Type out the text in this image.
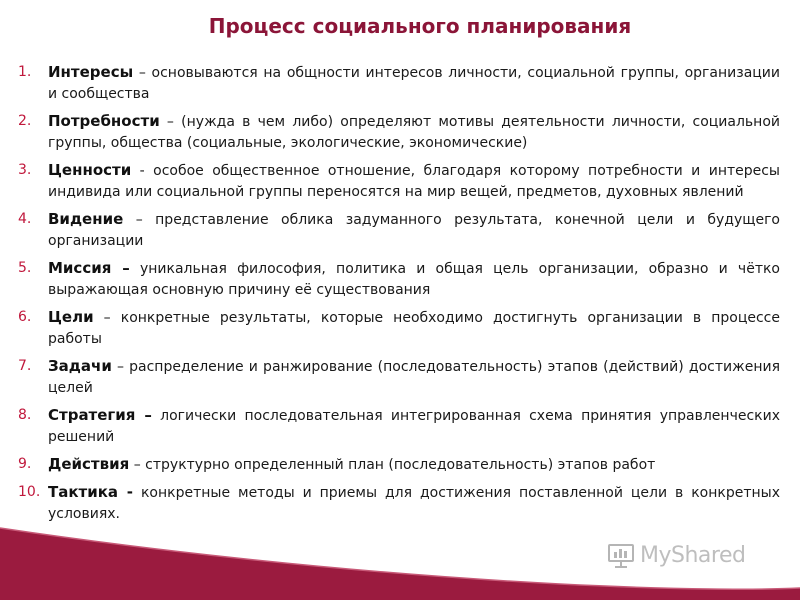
Процесс социального планирования
1.	Интересы – основываются на общности интересов личности, социальной группы, организации и сообщества
2.	Потребности – (нужда в чем либо) определяют мотивы деятельности личности, социальной группы, общества (социальные, экологические, экономические)
3.	Ценности - особое общественное отношение, благодаря которому потребности и интересы индивида или социальной группы переносятся на мир вещей, предметов, духовных явлений
4.	Видение – представление облика задуманного результата, конечной цели и будущего организации
5.	Миссия – уникальная философия, политика и общая цель организации, образно и чётко выражающая основную причину её существования
6.	Цели – конкретные результаты, которые необходимо достигнуть организации в процессе работы
7.	Задачи – распределение и ранжирование (последовательность) этапов (действий) достижения целей
8.	Стратегия – логически последовательная интегрированная схема принятия управленческих решений
9.	Действия – структурно определенный план (последовательность) этапов работ
10. Тактика - конкретные методы и приемы для достижения поставленной цели в конкретных условиях.
MyShared
